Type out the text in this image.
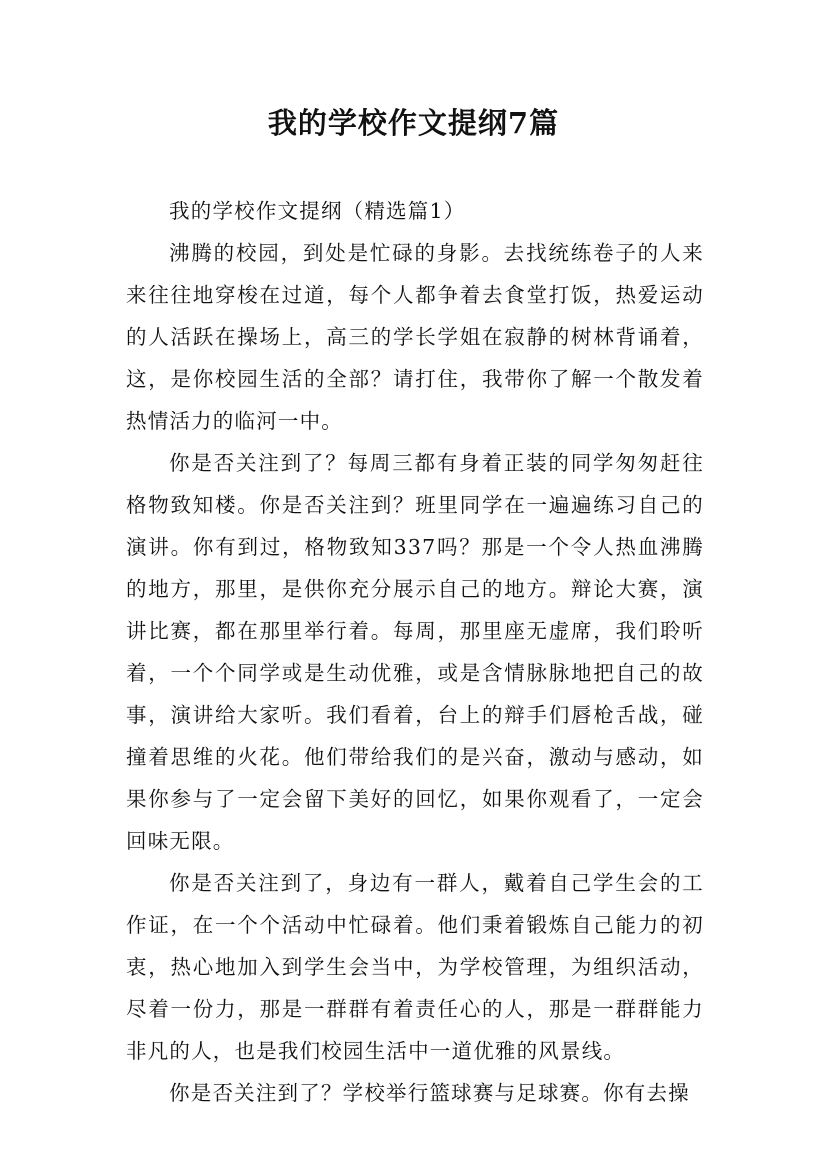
我的学校作文提纲7篇

我的学校作文提纲（精选篇1）

沸腾的校园，到处是忙碌的身影。去找统练卷子的人来来往往地穿梭在过道，每个人都争着去食堂打饭，热爱运动的人活跃在操场上，高三的学长学姐在寂静的树林背诵着，这，是你校园生活的全部？请打住，我带你了解一个散发着热情活力的临河一中。

你是否关注到了？每周三都有身着正装的同学匆匆赶往格物致知楼。你是否关注到？班里同学在一遍遍练习自己的演讲。你有到过，格物致知337吗？那是一个令人热血沸腾的地方，那里，是供你充分展示自己的地方。辩论大赛，演讲比赛，都在那里举行着。每周，那里座无虚席，我们聆听着，一个个同学或是生动优雅，或是含情脉脉地把自己的故事，演讲给大家听。我们看着，台上的辩手们唇枪舌战，碰撞着思维的火花。他们带给我们的是兴奋，激动与感动，如果你参与了一定会留下美好的回忆，如果你观看了，一定会回味无限。

你是否关注到了，身边有一群人，戴着自己学生会的工作证，在一个个活动中忙碌着。他们秉着锻炼自己能力的初衷，热心地加入到学生会当中，为学校管理，为组织活动，尽着一份力，那是一群群有着责任心的人，那是一群群能力非凡的人，也是我们校园生活中一道优雅的风景线。

你是否关注到了？学校举行篮球赛与足球赛。你有去操
